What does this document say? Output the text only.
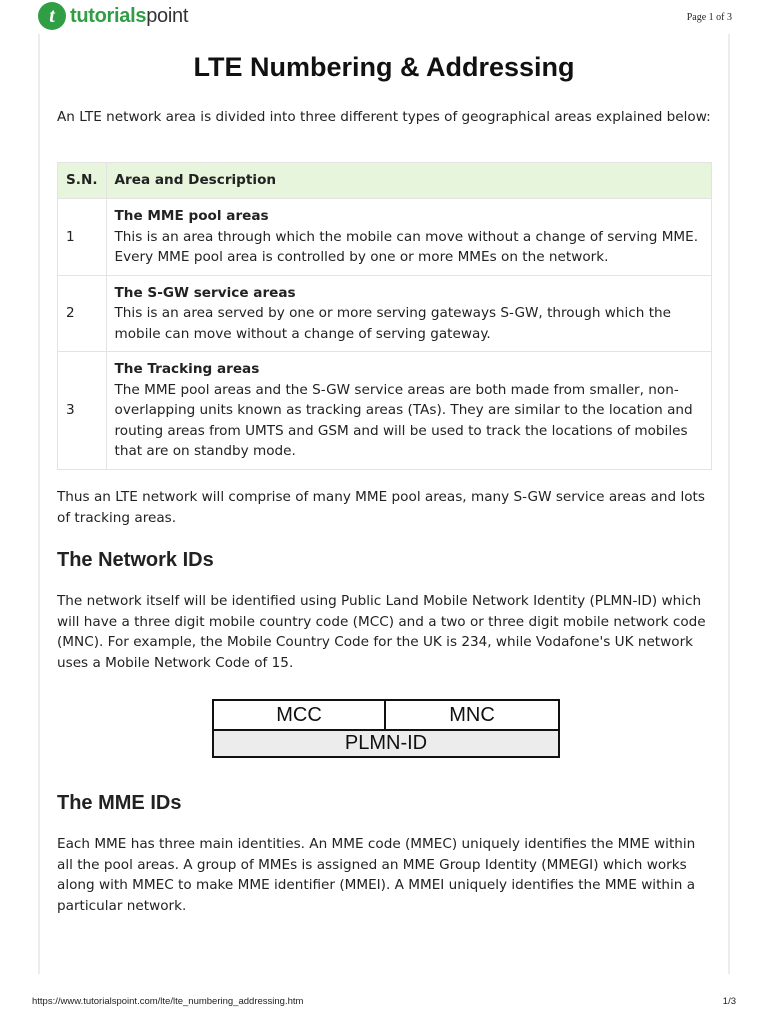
t tutorialspoint	Page 1 of 3
LTE Numbering & Addressing

An LTE network area is divided into three different types of geographical areas explained below:

S.N.	Area and Description
1	The MME pool areas
This is an area through which the mobile can move without a change of serving MME. Every MME pool area is controlled by one or more MMEs on the network.
2	The S-GW service areas
This is an area served by one or more serving gateways S-GW, through which the mobile can move without a change of serving gateway.
3	The Tracking areas
The MME pool areas and the S-GW service areas are both made from smaller, non-overlapping units known as tracking areas (TAs). They are similar to the location and routing areas from UMTS and GSM and will be used to track the locations of mobiles that are on standby mode.

Thus an LTE network will comprise of many MME pool areas, many S-GW service areas and lots of tracking areas.

The Network IDs

The network itself will be identified using Public Land Mobile Network Identity (PLMN-ID) which will have a three digit mobile country code (MCC) and a two or three digit mobile network code (MNC). For example, the Mobile Country Code for the UK is 234, while Vodafone's UK network uses a Mobile Network Code of 15.

MCC	MNC
PLMN-ID
The MME IDs

Each MME has three main identities. An MME code (MMEC) uniquely identifies the MME within all the pool areas. A group of MMEs is assigned an MME Group Identity (MMEGI) which works along with MMEC to make MME identifier (MMEI). A MMEI uniquely identifies the MME within a particular network.

https://www.tutorialspoint.com/lte/lte_numbering_addressing.htm	1/3
